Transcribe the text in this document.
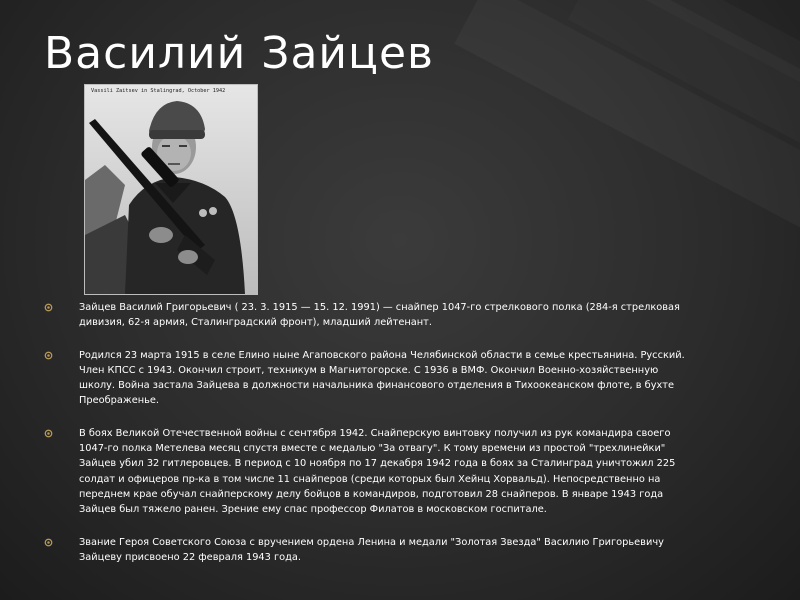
Василий Зайцев
Vassili Zaitsev in Stalingrad, October 1942
Зайцев Василий Григорьевич ( 23. 3. 1915 — 15. 12. 1991) — снайпер 1047-го стрелкового полка (284-я стрелковая дивизия, 62-я армия, Сталинградский фронт), младший лейтенант.
Родился 23 марта 1915 в селе Елино ныне Агаповского района Челябинской области в семье крестьянина. Русский. Член КПСС с 1943. Окончил строит, техникум в Магнитогорске. С 1936 в ВМФ. Окончил Военно-хозяйственную школу. Война застала Зайцева в должности начальника финансового отделения в Тихоокеанском флоте, в бухте Преображенье.
В боях Великой Отечественной войны с сентября 1942. Снайперскую винтовку получил из рук командира своего 1047-го полка Метелева месяц спустя вместе с медалью "За отвагу". К тому времени из простой "трехлинейки" Зайцев убил 32 гитлеровцев. В период с 10 ноября по 17 декабря 1942 года в боях за Сталинград уничтожил 225 солдат и офицеров пр-ка в том числе 11 снайперов (среди которых был Хейнц Хорвальд). Непосредственно на переднем крае обучал снайперскому делу бойцов в командиров, подготовил 28 снайперов. В январе 1943 года Зайцев был тяжело ранен. Зрение ему спас профессор Филатов в московском госпитале.
Звание Героя Советского Союза с вручением ордена Ленина и медали "Золотая Звезда" Василию Григорьевичу Зайцеву присвоено 22 февраля 1943 года.
